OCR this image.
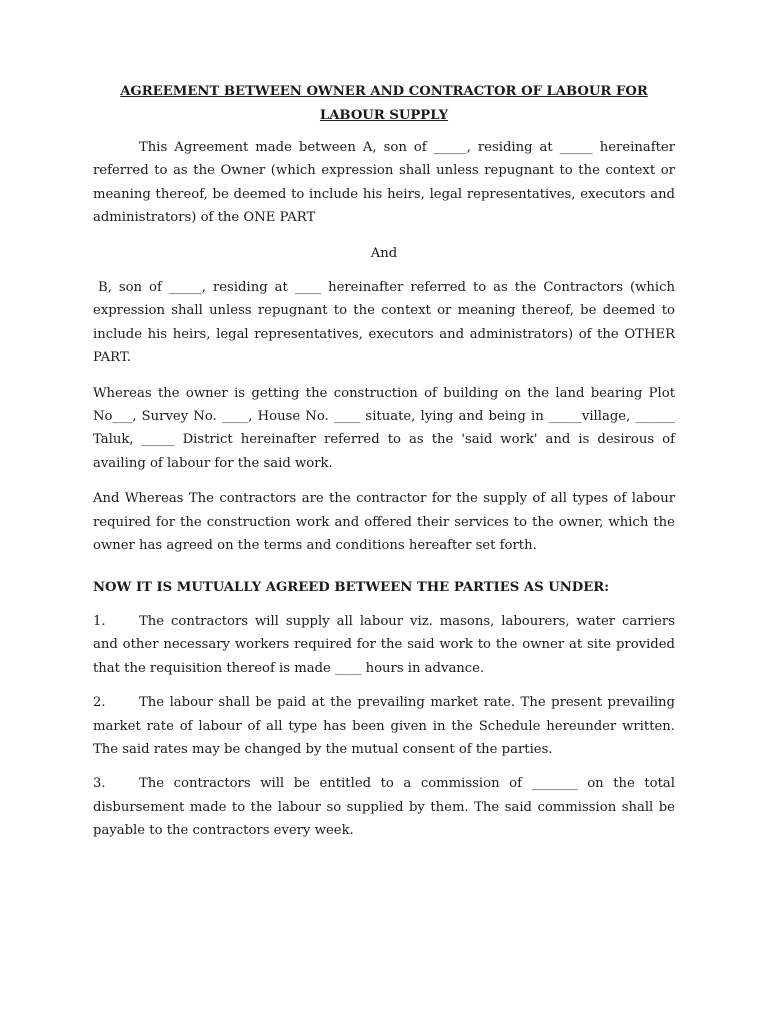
AGREEMENT BETWEEN OWNER AND CONTRACTOR OF LABOUR FOR
LABOUR SUPPLY

This Agreement made between A, son of _____, residing at _____ hereinafter referred to as the Owner (which expression shall unless repugnant to the context or meaning thereof, be deemed to include his heirs, legal representatives, executors and administrators) of the ONE PART

And

B, son of _____, residing at ____ hereinafter referred to as the Contractors (which expression shall unless repugnant to the context or meaning thereof, be deemed to include his heirs, legal representatives, executors and administrators) of the OTHER PART.

Whereas the owner is getting the construction of building on the land bearing Plot No___, Survey No. ____, House No. ____ situate, lying and being in _____village, ______ Taluk, _____ District hereinafter referred to as the 'said work' and is desirous of availing of labour for the said work.

And Whereas The contractors are the contractor for the supply of all types of labour required for the construction work and offered their services to the owner, which the owner has agreed on the terms and conditions hereafter set forth.

NOW IT IS MUTUALLY AGREED BETWEEN THE PARTIES AS UNDER:
1.	The contractors will supply all labour viz. masons, labourers, water carriers and other necessary workers required for the said work to the owner at site provided that the requisition thereof is made ____ hours in advance.
2.	The labour shall be paid at the prevailing market rate. The present prevailing market rate of labour of all type has been given in the Schedule hereunder written. The said rates may be changed by the mutual consent of the parties.
3.	The contractors will be entitled to a commission of _______ on the total disbursement made to the labour so supplied by them. The said commission shall be payable to the contractors every week.
